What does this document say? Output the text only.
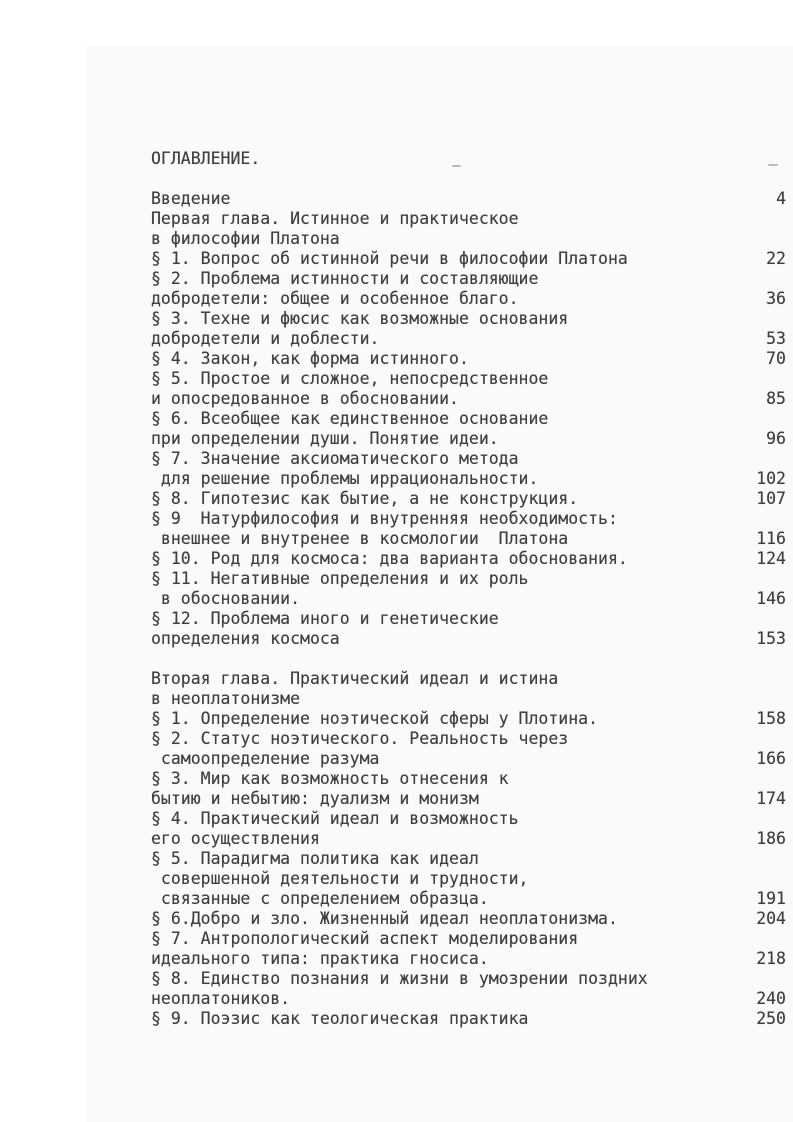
ОГЛАВЛЕНИЕ.
Введение	4
Первая глава. Истинное и практическое
в философии Платона
§ 1. Вопрос об истинной речи в философии Платона	22
§ 2. Проблема истинности и составляющие
добродетели: общее и особенное благо.	36
§ 3. Техне и фюсис как возможные основания
добродетели и доблести.	53
§ 4. Закон, как форма истинного.	70
§ 5. Простое и сложное, непосредственное
и опосредованное в обосновании.	85
§ 6. Всеобщее как единственное основание
при определении души. Понятие идеи.	96
§ 7. Значение аксиоматического метода
для решение проблемы иррациональности.	102
§ 8. Гипотезис как бытие, а не конструкция.	107
§ 9  Натурфилософия и внутренняя необходимость:
внешнее и внутренее в космологии  Платона	116
§ 10. Род для космоса: два варианта обоснования.	124
§ 11. Негативные определения и их роль
в обосновании.	146
§ 12. Проблема иного и генетические
определения космоса	153
Вторая глава. Практический идеал и истина
в неоплатонизме
§ 1. Определение ноэтической сферы у Плотина.	158
§ 2. Статус ноэтического. Реальность через
самоопределение разума	166
§ 3. Мир как возможность отнесения к
бытию и небытию: дуализм и монизм	174
§ 4. Практический идеал и возможность
его осуществления	186
§ 5. Парадигма политика как идеал
совершенной деятельности и трудности,
связанные с определением образца.	191
§ 6.Добро и зло. Жизненный идеал неоплатонизма.	204
§ 7. Антропологический аспект моделирования
идеального типа: практика гносиса.	218
§ 8. Единство познания и жизни в умозрении поздних
неоплатоников.	240
§ 9. Поэзис как теологическая практика	250
